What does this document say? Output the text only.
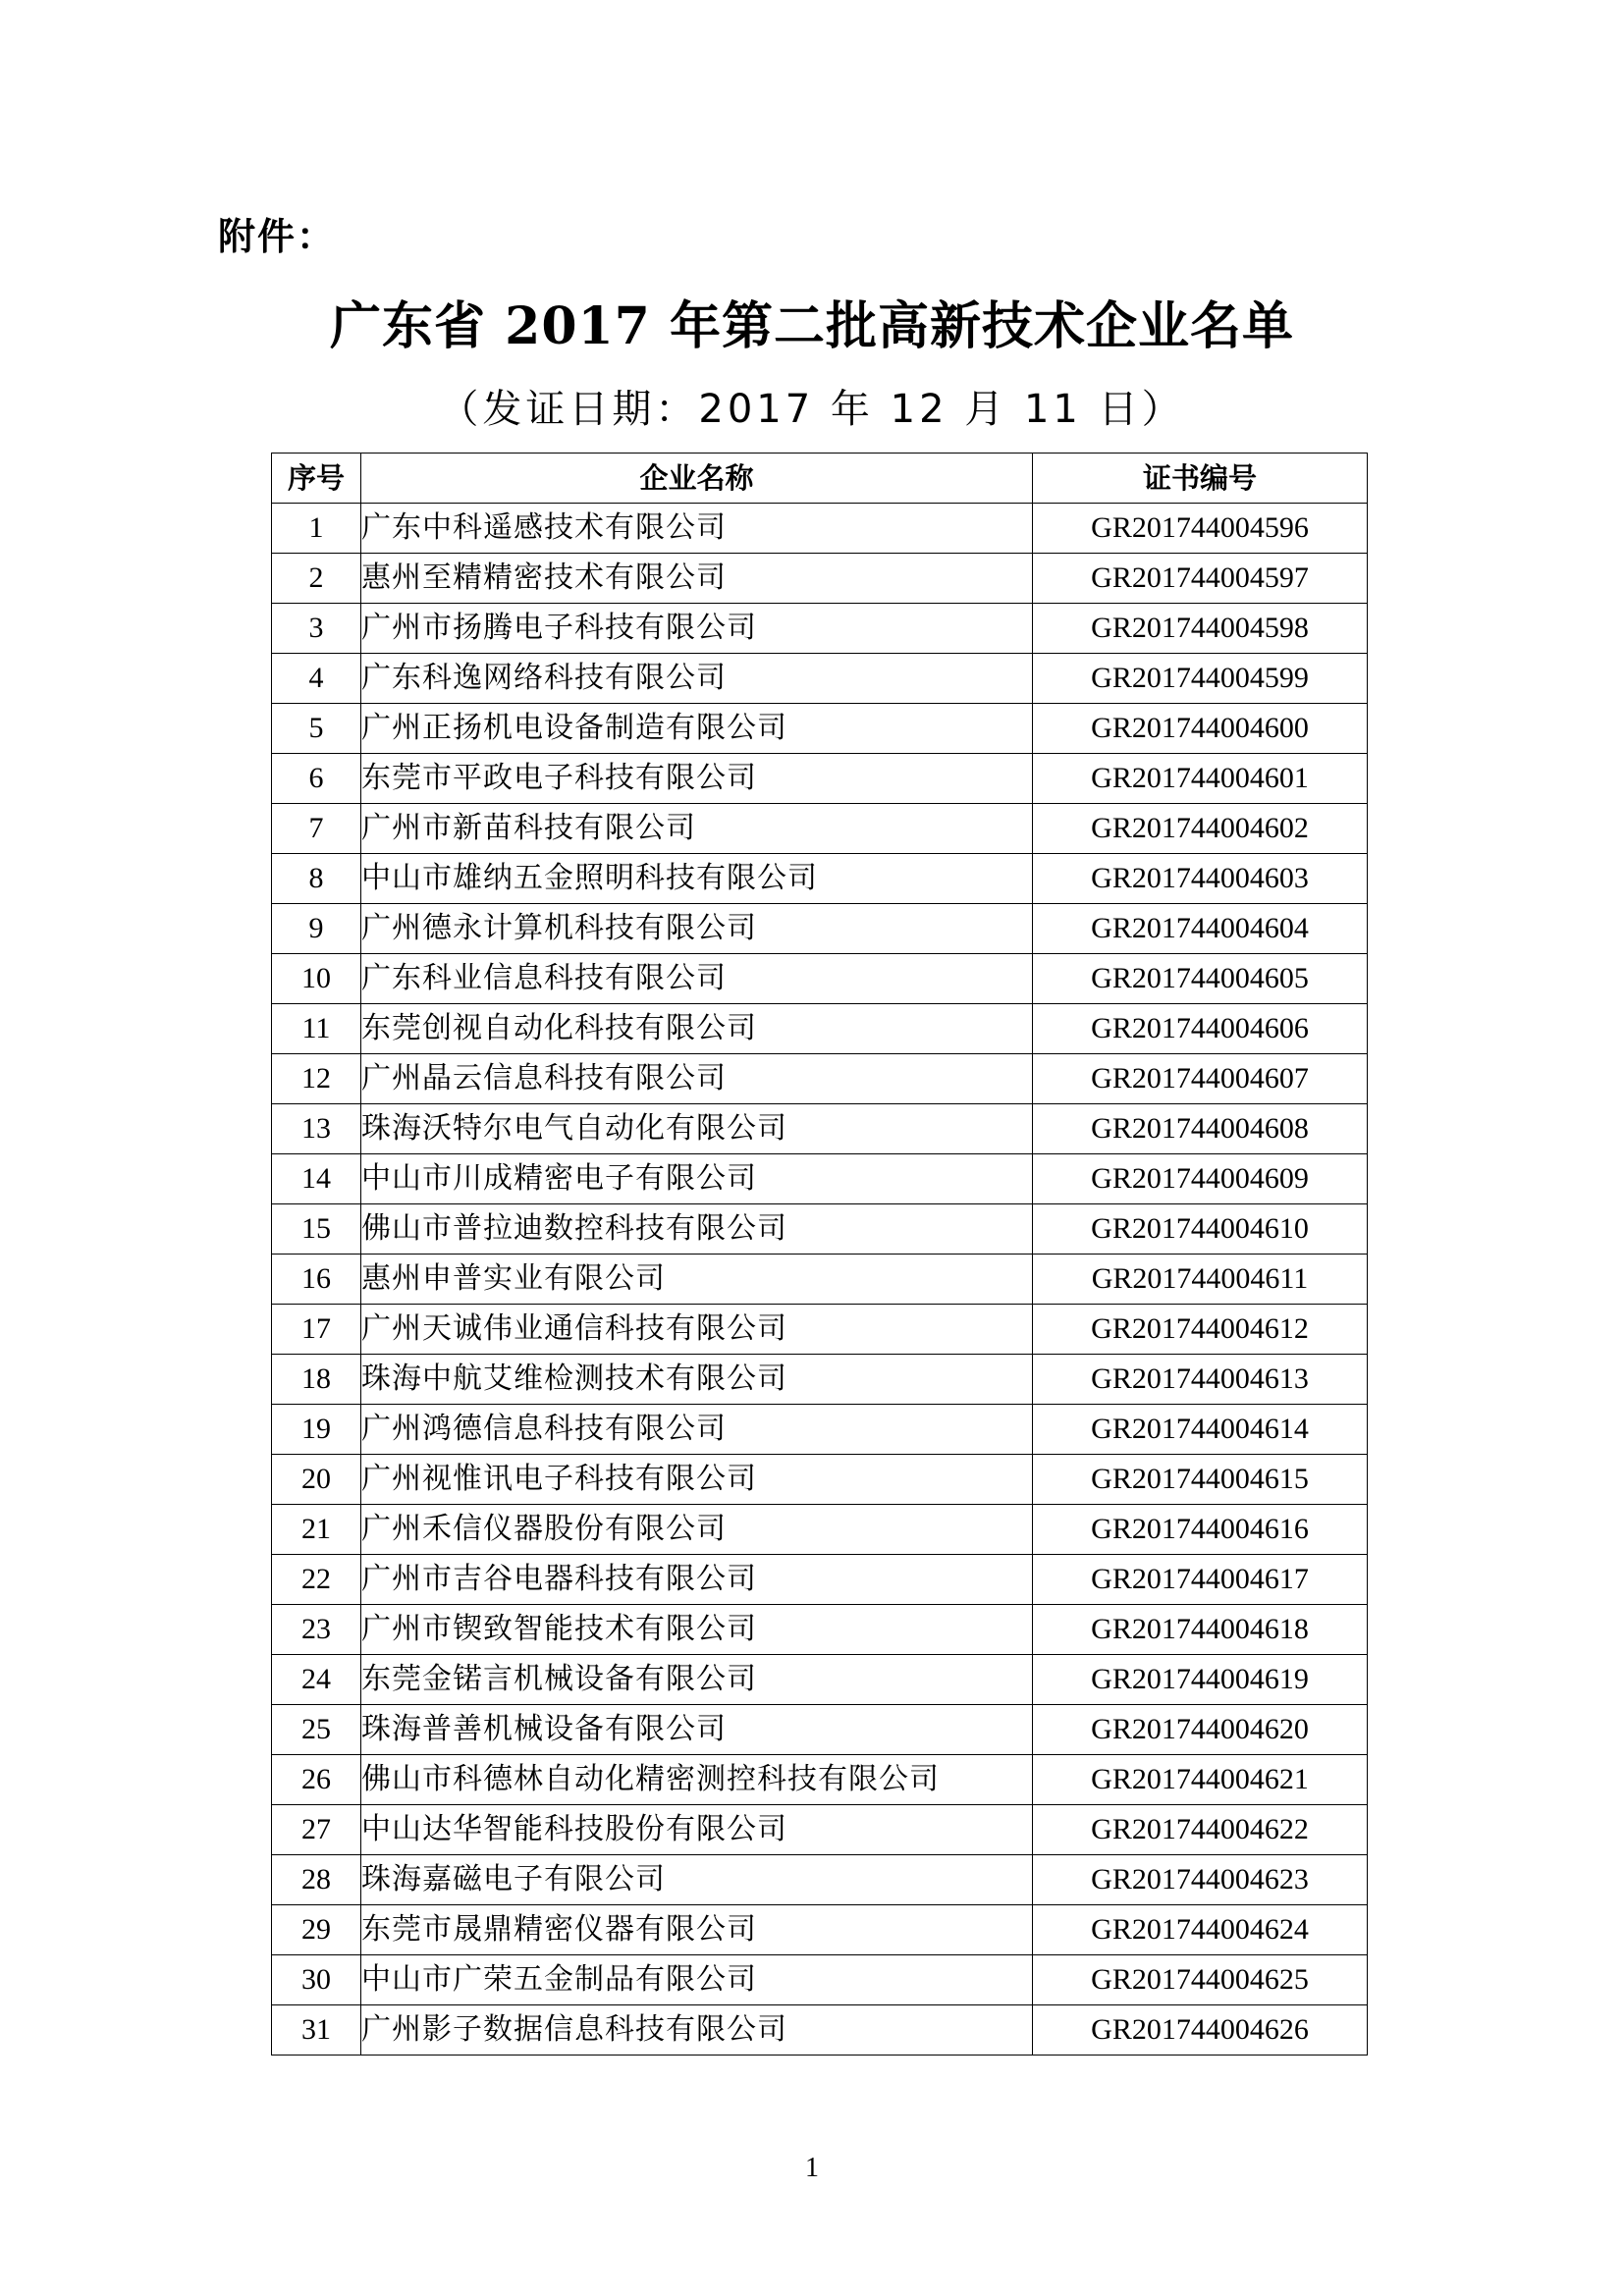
附件：
广东省 2017 年第二批高新技术企业名单
（发证日期：2017 年 12 月 11 日）
序号	企业名称	证书编号
1	广东中科遥感技术有限公司	GR201744004596
2	惠州至精精密技术有限公司	GR201744004597
3	广州市扬腾电子科技有限公司	GR201744004598
4	广东科逸网络科技有限公司	GR201744004599
5	广州正扬机电设备制造有限公司	GR201744004600
6	东莞市平政电子科技有限公司	GR201744004601
7	广州市新苗科技有限公司	GR201744004602
8	中山市雄纳五金照明科技有限公司	GR201744004603
9	广州德永计算机科技有限公司	GR201744004604
10	广东科业信息科技有限公司	GR201744004605
11	东莞创视自动化科技有限公司	GR201744004606
12	广州晶云信息科技有限公司	GR201744004607
13	珠海沃特尔电气自动化有限公司	GR201744004608
14	中山市川成精密电子有限公司	GR201744004609
15	佛山市普拉迪数控科技有限公司	GR201744004610
16	惠州申普实业有限公司	GR201744004611
17	广州天诚伟业通信科技有限公司	GR201744004612
18	珠海中航艾维检测技术有限公司	GR201744004613
19	广州鸿德信息科技有限公司	GR201744004614
20	广州视惟讯电子科技有限公司	GR201744004615
21	广州禾信仪器股份有限公司	GR201744004616
22	广州市吉谷电器科技有限公司	GR201744004617
23	广州市锲致智能技术有限公司	GR201744004618
24	东莞金锘言机械设备有限公司	GR201744004619
25	珠海普善机械设备有限公司	GR201744004620
26	佛山市科德林自动化精密测控科技有限公司	GR201744004621
27	中山达华智能科技股份有限公司	GR201744004622
28	珠海嘉磁电子有限公司	GR201744004623
29	东莞市晟鼎精密仪器有限公司	GR201744004624
30	中山市广荣五金制品有限公司	GR201744004625
31	广州影子数据信息科技有限公司	GR201744004626
1
